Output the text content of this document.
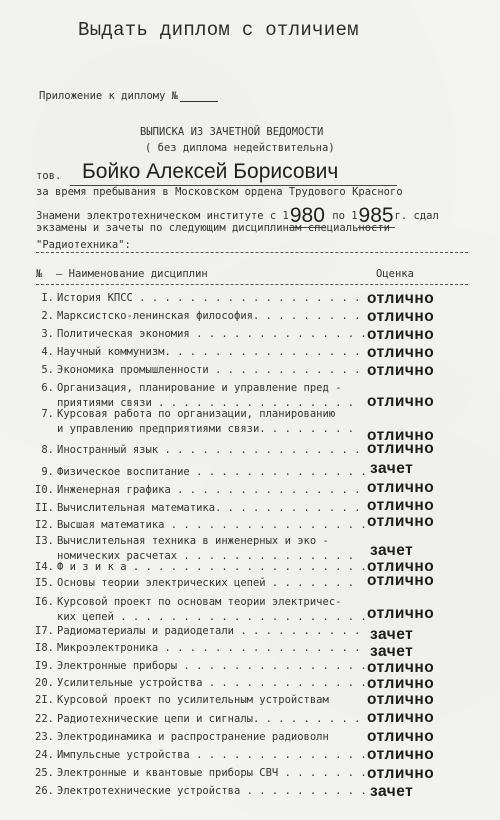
Выдать диплом с отличием
Приложение к диплому №
ВЫПИСКА ИЗ ЗАЧЕТНОЙ ВЕДОМОСТИ
( без диплома недействительна)
тов. Бойко Алексей Борисович
за время пребывания в Московском ордена Трудового Красного
Знамени электротехническом институте с 1980 по 1985г. сдал
экзамены и зачеты по следующим дисциплинам специальности
"Радиотехника":
№ – Наименование дисциплин	Оценка
I. История КПСС . . . . . . . . . . . . . . . . . . отлично
2. Марксистско-ленинская философия. . . . . . . . . .
отлично
3. Политическая экономия . . . . . . . . . . . . . . отлично
4. Научный коммунизм. . . . . . . . . . . . . . . . .
отлично
5. Экономика промышленности . . . . . . . . . . . . .
отлично
6. Организация, планирование и управление пред -
приятиями связи . . . . . . . . . . . . . . . . отлично
7. Курсовая работа по организации, планированию
и управлению предприятиями связи. . . . . . . . отлично
8. Иностранный язык . . . . . . . . . . . . . . . . отлично
9. Физическое воспитание . . . . . . . . . . . . . . зачет
I0. Инженерная графика . . . . . . . . . . . . . . . отлично
II. Вычислительная математика. . . . . . . . . . . . отлично
I2. Высшая математика . . . . . . . . . . . . . . . . отлично
I3. Вычислительная техника в инженерных и эко -
номических расчетах . . . . . . . . . . . . . . зачет
I4. Ф и з и к а . . . . . . . . . . . . . . . . . . . отлично
I5. Основы теории электрических цепей . . . . . . . отлично
I6. Курсовой проект по основам теории электричес-
ких цепей . . . . . . . . . . . . . . . . . . . . отлично
I7. Радиоматериалы и радиодетали . . . . . . . . . . зачет
I8. Микроэлектроника . . . . . . . . . . . . . . . . зачет
I9. Электронные приборы . . . . . . . . . . . . . . . отлично
20. Усилительные устройства . . . . . . . . . . . . . отлично
2I. Курсовой проект по усилительным устройствам отлично
22. Радиотехнические цепи и сигналы. . . . . . . . . .
отлично
23. Электродинамика и распространение радиоволн отлично
24. Импульсные устройства . . . . . . . . . . . . . . отлично
25. Электронные и квантовые приборы СВЧ . . . . . . . отлично
26. Электротехнические устройства . . . . . . . . . . зачет
